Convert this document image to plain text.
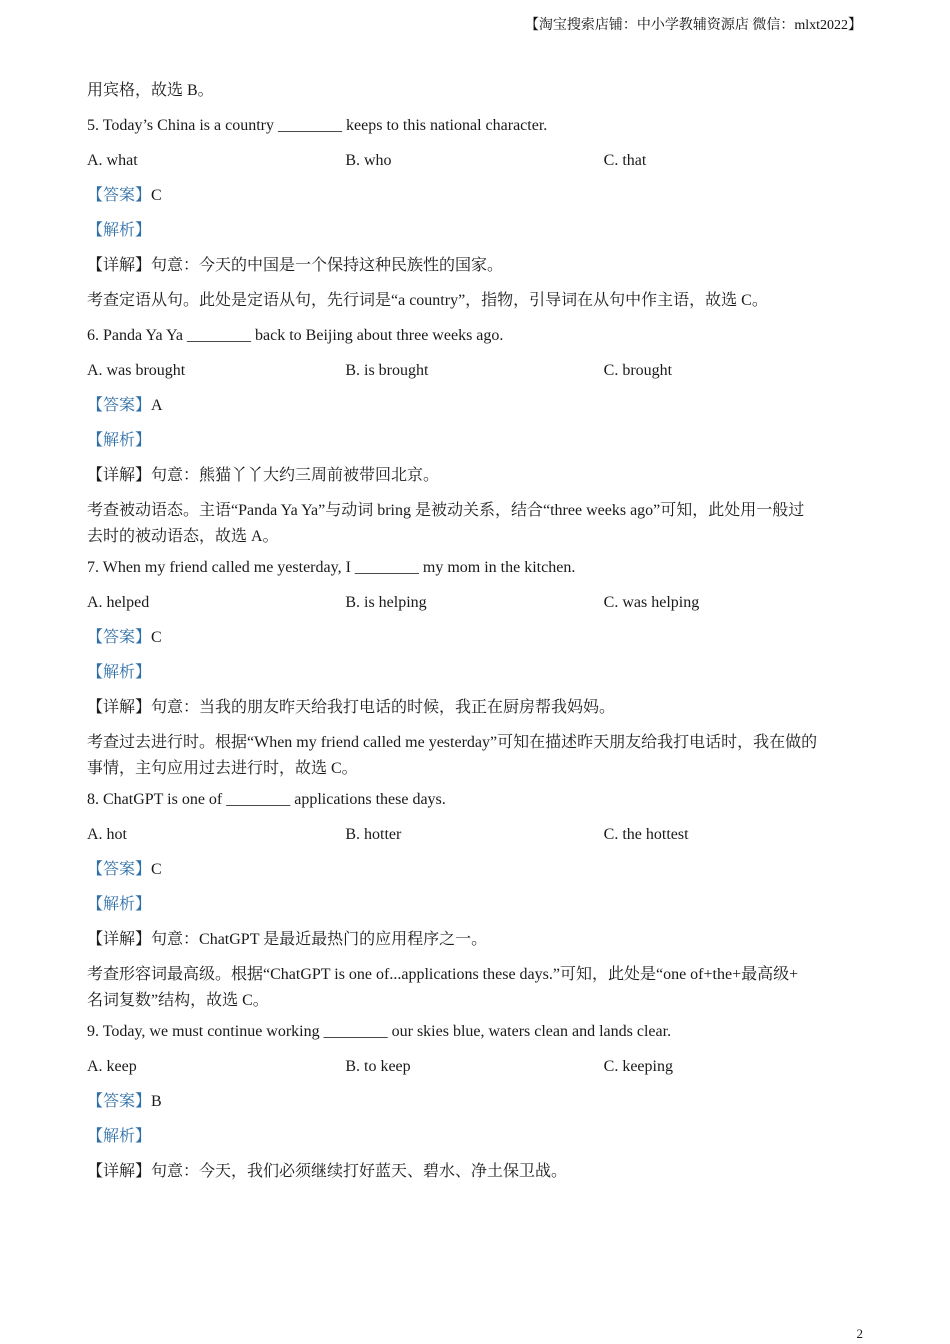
【淘宝搜索店铺：中小学教辅资源店 微信：mlxt2022】
用宾格，故选 B。
5. Today’s China is a country ________ keeps to this national character.
A. what	B. who	C. that
【答案】C
【解析】
【详解】句意：今天的中国是一个保持这种民族性的国家。
考查定语从句。此处是定语从句，先行词是“a country”，指物，引导词在从句中作主语，故选 C。
6. Panda Ya Ya ________ back to Beijing about three weeks ago.
A. was brought	B. is brought	C. brought
【答案】A
【解析】
【详解】句意：熊猫丫丫大约三周前被带回北京。
考查被动语态。主语“Panda Ya Ya”与动词 bring 是被动关系，结合“three weeks ago”可知，此处用一般过
去时的被动语态，故选 A。
7. When my friend called me yesterday, I ________ my mom in the kitchen.
A. helped	B. is helping	C. was helping
【答案】C
【解析】
【详解】句意：当我的朋友昨天给我打电话的时候，我正在厨房帮我妈妈。
考查过去进行时。根据“When my friend called me yesterday”可知在描述昨天朋友给我打电话时，我在做的
事情，主句应用过去进行时，故选 C。
8. ChatGPT is one of ________ applications these days.
A. hot	B. hotter	C. the hottest
【答案】C
【解析】
【详解】句意：ChatGPT 是最近最热门的应用程序之一。
考查形容词最高级。根据“ChatGPT is one of...applications these days.”可知，此处是“one of+the+最高级+
名词复数”结构，故选 C。
9. Today, we must continue working ________ our skies blue, waters clean and lands clear.
A. keep	B. to keep	C. keeping
【答案】B
【解析】
【详解】句意：今天，我们必须继续打好蓝天、碧水、净土保卫战。
2
